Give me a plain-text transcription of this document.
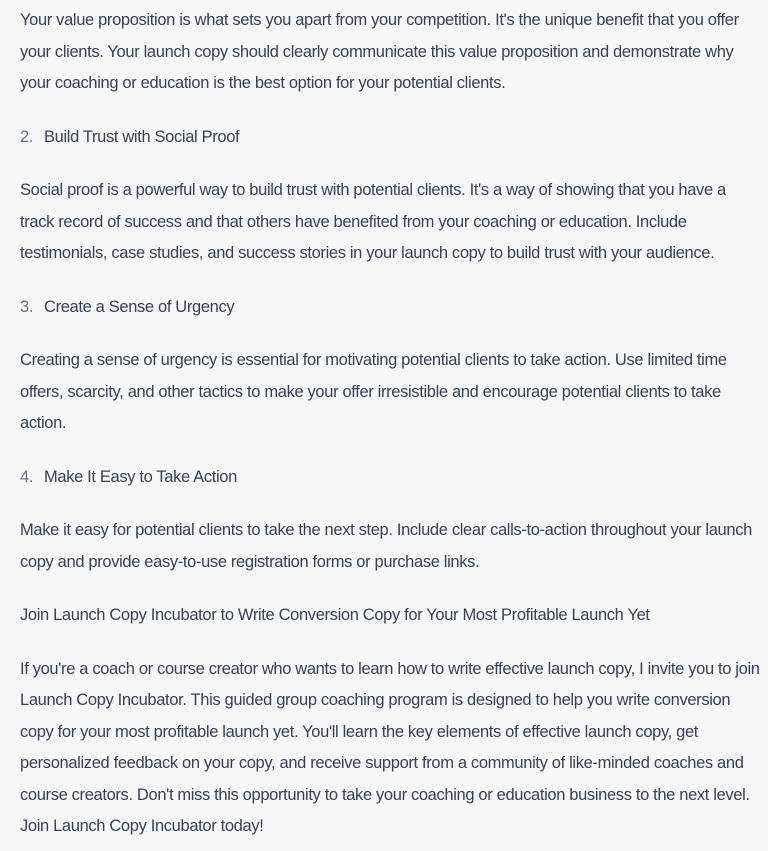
Your value proposition is what sets you apart from your competition. It's the unique benefit that you offer your clients. Your launch copy should clearly communicate this value proposition and demonstrate why your coaching or education is the best option for your potential clients.

2. Build Trust with Social Proof

Social proof is a powerful way to build trust with potential clients. It's a way of showing that you have a track record of success and that others have benefited from your coaching or education. Include testimonials, case studies, and success stories in your launch copy to build trust with your audience.

3. Create a Sense of Urgency

Creating a sense of urgency is essential for motivating potential clients to take action. Use limited time offers, scarcity, and other tactics to make your offer irresistible and encourage potential clients to take action.

4. Make It Easy to Take Action

Make it easy for potential clients to take the next step. Include clear calls-to-action throughout your launch copy and provide easy-to-use registration forms or purchase links.

Join Launch Copy Incubator to Write Conversion Copy for Your Most Profitable Launch Yet

If you're a coach or course creator who wants to learn how to write effective launch copy, I invite you to join Launch Copy Incubator. This guided group coaching program is designed to help you write conversion copy for your most profitable launch yet. You'll learn the key elements of effective launch copy, get personalized feedback on your copy, and receive support from a community of like-minded coaches and course creators. Don't miss this opportunity to take your coaching or education business to the next level. Join Launch Copy Incubator today!
